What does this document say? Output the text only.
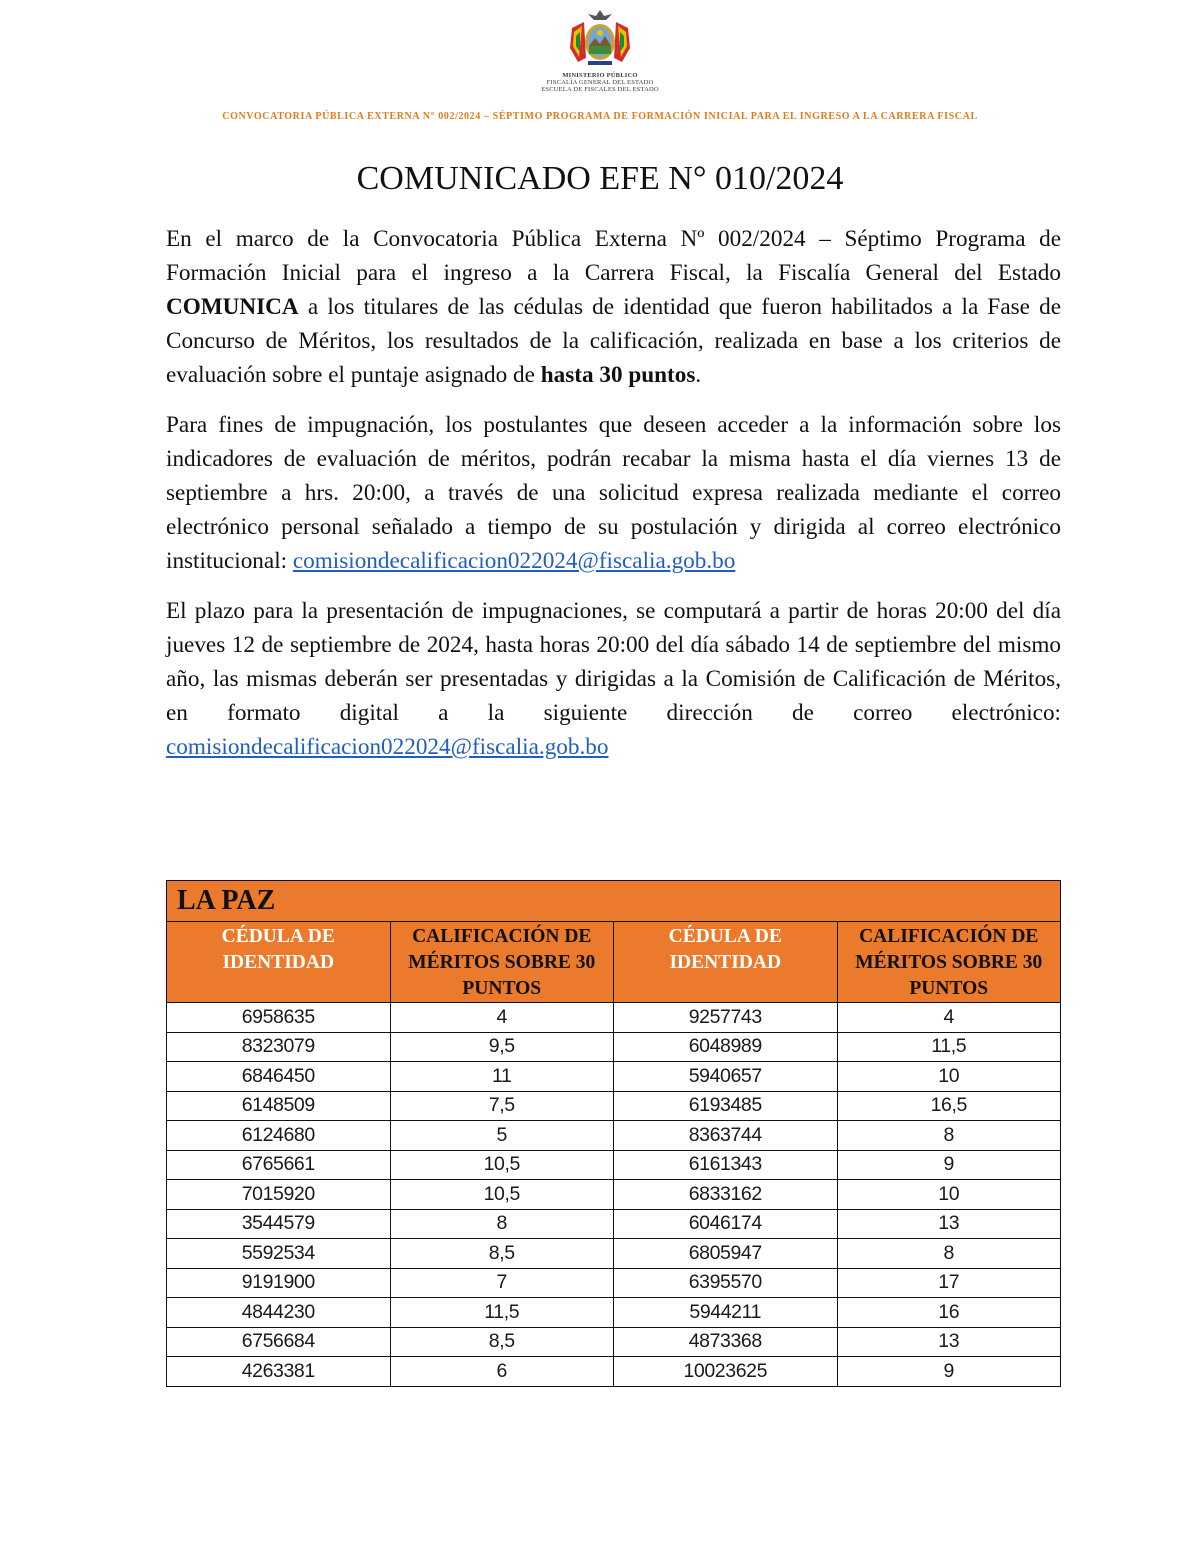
MINISTERIO PÚBLICO
FISCALÍA GENERAL DEL ESTADO
ESCUELA DE FISCALES DEL ESTADO
CONVOCATORIA PÚBLICA EXTERNA N° 002/2024 – SÉPTIMO PROGRAMA DE FORMACIÓN INICIAL PARA EL INGRESO A LA CARRERA FISCAL
COMUNICADO EFE N° 010/2024

En el marco de la Convocatoria Pública Externa Nº 002/2024 – Séptimo Programa de Formación Inicial para el ingreso a la Carrera Fiscal, la Fiscalía General del Estado COMUNICA a los titulares de las cédulas de identidad que fueron habilitados a la Fase de Concurso de Méritos, los resultados de la calificación, realizada en base a los criterios de evaluación sobre el puntaje asignado de hasta 30 puntos.

Para fines de impugnación, los postulantes que deseen acceder a la información sobre los indicadores de evaluación de méritos, podrán recabar la misma hasta el día viernes 13 de septiembre a hrs. 20:00, a través de una solicitud expresa realizada mediante el correo electrónico personal señalado a tiempo de su postulación y dirigida al correo electrónico institucional: comisiondecalificacion022024@fiscalia.gob.bo

El plazo para la presentación de impugnaciones, se computará a partir de horas 20:00 del día jueves 12 de septiembre de 2024, hasta horas 20:00 del día sábado 14 de septiembre del mismo año, las mismas deberán ser presentadas y dirigidas a la Comisión de Calificación de Méritos, en formato digital a la siguiente dirección de correo electrónico: comisiondecalificacion022024@fiscalia.gob.bo

LA PAZ			
CÉDULA DE IDENTIDAD	CALIFICACIÓN DE MÉRITOS SOBRE 30 PUNTOS	CÉDULA DE IDENTIDAD	CALIFICACIÓN DE MÉRITOS SOBRE 30 PUNTOS
6958635	4	9257743	4
8323079	9,5	6048989	11,5
6846450	11	5940657	10
6148509	7,5	6193485	16,5
6124680	5	8363744	8
6765661	10,5	6161343	9
7015920	10,5	6833162	10
3544579	8	6046174	13
5592534	8,5	6805947	8
9191900	7	6395570	17
4844230	11,5	5944211	16
6756684	8,5	4873368	13
4263381	6	10023625	9
